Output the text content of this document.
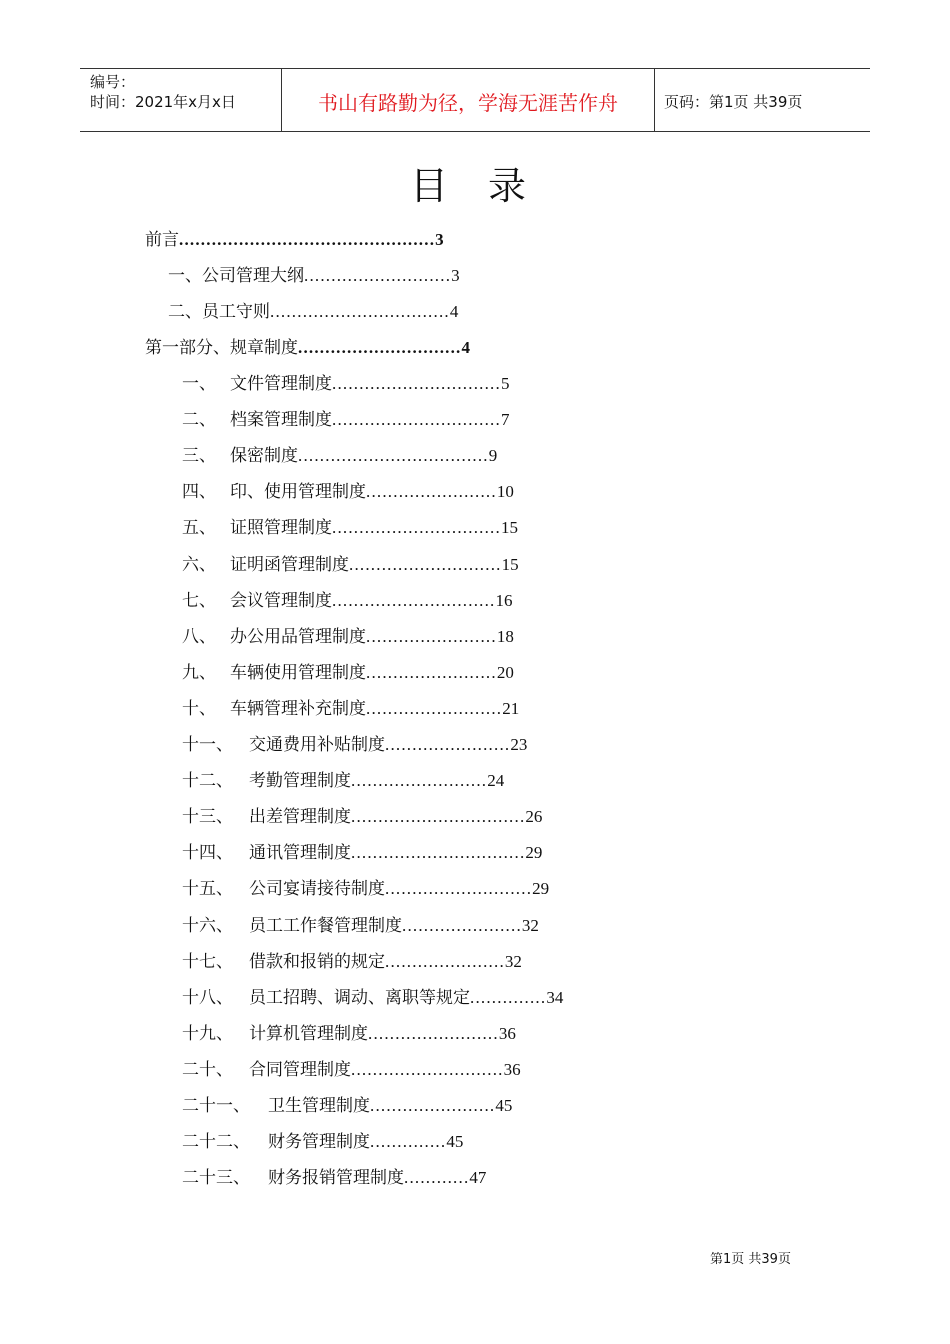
编号：
时间：2021年x月x日	书山有路勤为径，学海无涯苦作舟	页码：第1页 共39页
目 录
前言...............................................3
一、公司管理大纲...........................3
二、员工守则.................................4
第一部分、规章制度..............................4
一、 文件管理制度...............................5
二、 档案管理制度...............................7
三、 保密制度...................................9
四、 印、使用管理制度........................10
五、 证照管理制度...............................15
六、 证明函管理制度............................15
七、 会议管理制度..............................16
八、 办公用品管理制度........................18
九、 车辆使用管理制度........................20
十、 车辆管理补充制度.........................21
十一、 交通费用补贴制度.......................23
十二、 考勤管理制度.........................24
十三、 出差管理制度................................26
十四、 通讯管理制度................................29
十五、 公司宴请接待制度...........................29
十六、 员工工作餐管理制度......................32
十七、 借款和报销的规定......................32
十八、 员工招聘、调动、离职等规定..............34
十九、 计算机管理制度........................36
二十、 合同管理制度............................36
二十一、 卫生管理制度.......................45
二十二、 财务管理制度..............45
二十三、 财务报销管理制度............47
第1页 共39页
